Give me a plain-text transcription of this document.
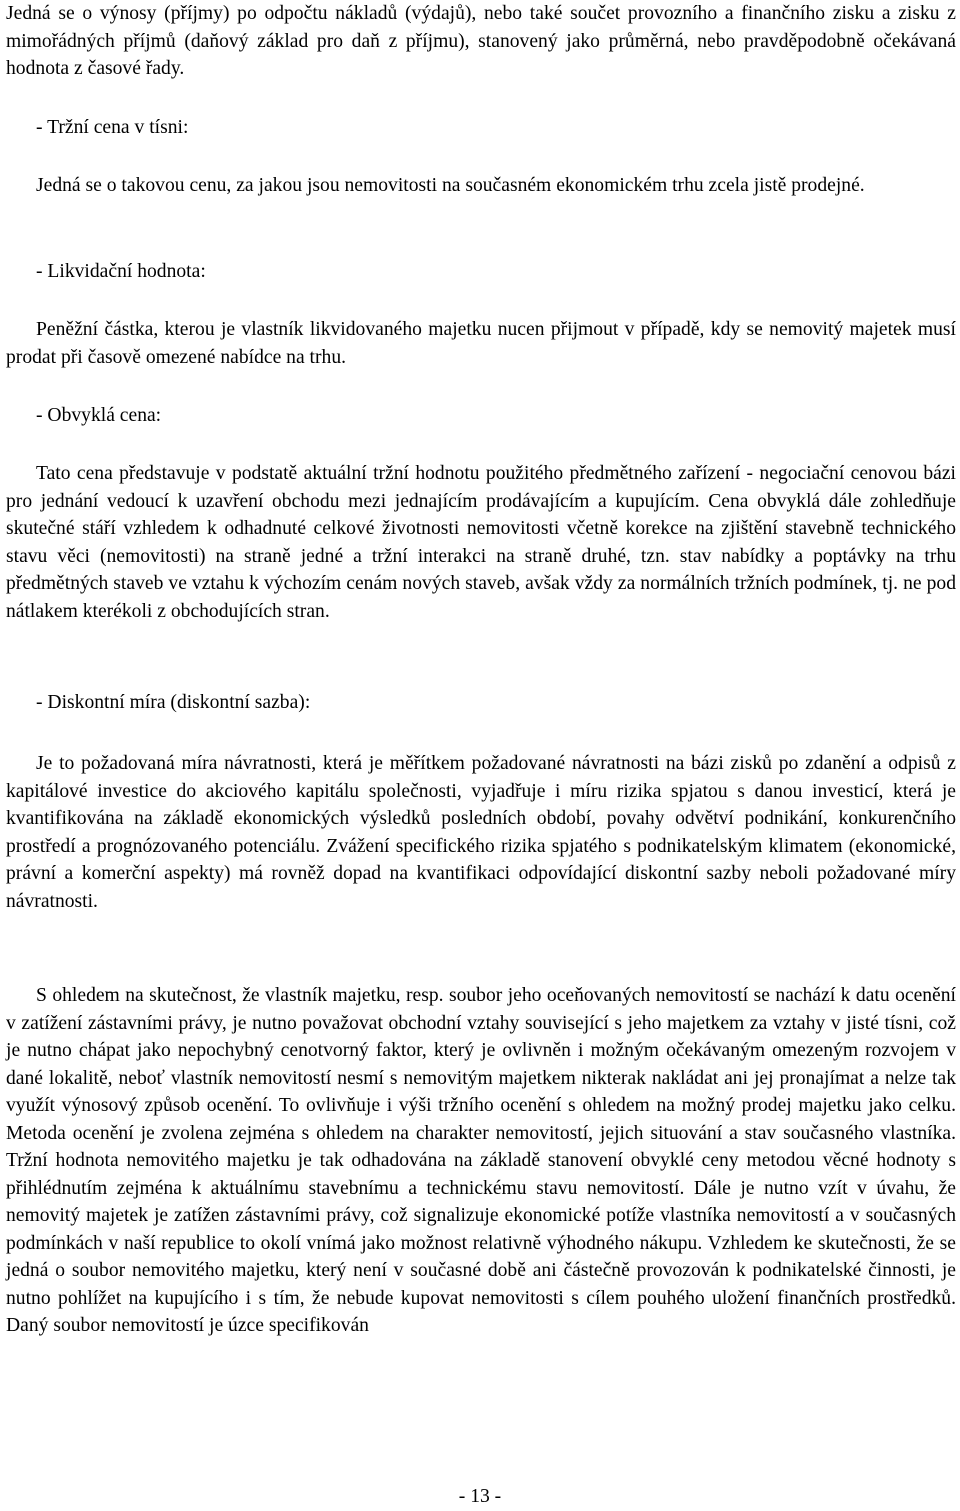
Jedná se o výnosy (příjmy) po odpočtu nákladů (výdajů), nebo také součet provozního a finančního zisku a zisku z mimořádných příjmů (daňový základ pro daň z příjmu), stanovený jako průměrná, nebo pravděpodobně očekávaná hodnota z časové řady.

- Tržní cena v tísni:

Jedná se o takovou cenu, za jakou jsou nemovitosti na současném ekonomickém trhu zcela jistě prodejné.

- Likvidační hodnota:

Peněžní částka, kterou je vlastník likvidovaného majetku nucen přijmout v případě, kdy se nemovitý majetek musí prodat při časově omezené nabídce na trhu.

- Obvyklá cena:

Tato cena představuje v podstatě aktuální tržní hodnotu použitého předmětného zařízení - negociační cenovou bázi pro jednání vedoucí k uzavření obchodu mezi jednajícím prodávajícím a kupujícím. Cena obvyklá dále zohledňuje skutečné stáří vzhledem k odhadnuté celkové životnosti nemovitosti včetně korekce na zjištění stavebně technického stavu věci (nemovitosti) na straně jedné a tržní interakci na straně druhé, tzn. stav nabídky a poptávky na trhu předmětných staveb ve vztahu k výchozím cenám nových staveb, avšak vždy za normálních tržních podmínek, tj. ne pod nátlakem kterékoli z obchodujících stran.

- Diskontní míra (diskontní sazba):

Je to požadovaná míra návratnosti, která je měřítkem požadované návratnosti na bázi zisků po zdanění a odpisů z kapitálové investice do akciového kapitálu společnosti, vyjadřuje i míru rizika spjatou s danou investicí, která je kvantifikována na základě ekonomických výsledků posledních období, povahy odvětví podnikání, konkurenčního prostředí a prognózovaného potenciálu. Zvážení specifického rizika spjatého s podnikatelským klimatem (ekonomické, právní a komerční aspekty) má rovněž dopad na kvantifikaci odpovídající diskontní sazby neboli požadované míry návratnosti.

S ohledem na skutečnost, že vlastník majetku, resp. soubor jeho oceňovaných nemovitostí se nachází k datu ocenění v zatížení zástavními právy, je nutno považovat obchodní vztahy související s jeho majetkem za vztahy v jisté tísni, což je nutno chápat jako nepochybný cenotvorný faktor, který je ovlivněn i možným očekávaným omezeným rozvojem v dané lokalitě, neboť vlastník nemovitostí nesmí s nemovitým majetkem nikterak nakládat ani jej pronajímat a nelze tak využít výnosový způsob ocenění. To ovlivňuje i výši tržního ocenění s ohledem na možný prodej majetku jako celku. Metoda ocenění je zvolena zejména s ohledem na charakter nemovitostí, jejich situování a stav současného vlastníka. Tržní hodnota nemovitého majetku je tak odhadována na základě stanovení obvyklé ceny metodou věcné hodnoty s přihlédnutím zejména k aktuálnímu stavebnímu a technickému stavu nemovitostí. Dále je nutno vzít v úvahu, že nemovitý majetek je zatížen zástavními právy, což signalizuje ekonomické potíže vlastníka nemovitostí a v současných podmínkách v naší republice to okolí vnímá jako možnost relativně výhodného nákupu. Vzhledem ke skutečnosti, že se jedná o soubor nemovitého majetku, který není v současné době ani částečně provozován k podnikatelské činnosti, je nutno pohlížet na kupujícího i s tím, že nebude kupovat nemovitosti s cílem pouhého uložení finančních prostředků. Daný soubor nemovitostí je úzce specifikován

- 13 -
